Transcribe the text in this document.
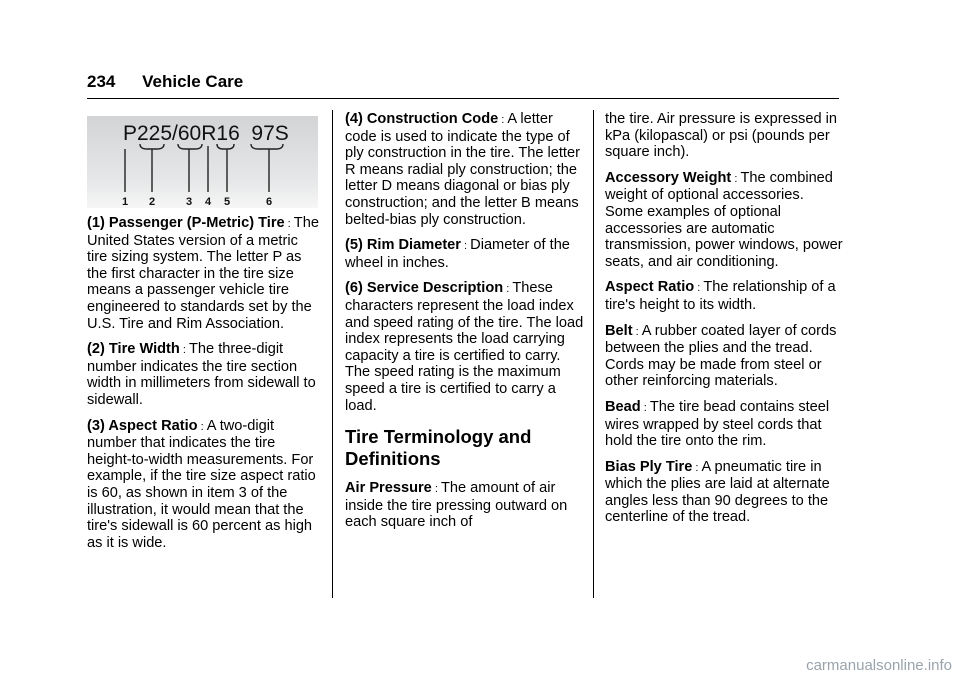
234 Vehicle Care
P225/60R16  97S
1 2	3 4 5	6

(1) Passenger (P-Metric) Tire : The United States version of a metric tire sizing system. The letter P as the first character in the tire size means a passenger vehicle tire engineered to standards set by the U.S. Tire and Rim Association.

(2) Tire Width : The three-digit number indicates the tire section width in millimeters from sidewall to sidewall.

(3) Aspect Ratio : A two-digit number that indicates the tire height-to-width measurements. For example, if the tire size aspect ratio is 60, as shown in item 3 of the illustration, it would mean that the tire's sidewall is 60 percent as high as it is wide.

(4) Construction Code : A letter code is used to indicate the type of ply construction in the tire. The letter R means radial ply construction; the letter D means diagonal or bias ply construction; and the letter B means belted-bias ply construction.

(5) Rim Diameter : Diameter of the wheel in inches.

(6) Service Description : These characters represent the load index and speed rating of the tire. The load index represents the load carrying capacity a tire is certified to carry. The speed rating is the maximum speed a tire is certified to carry a load.

Tire Terminology and Definitions

Air Pressure : The amount of air inside the tire pressing outward on each square inch of

the tire. Air pressure is expressed in kPa (kilopascal) or psi (pounds per square inch).

Accessory Weight : The combined weight of optional accessories. Some examples of optional accessories are automatic transmission, power windows, power seats, and air conditioning.

Aspect Ratio : The relationship of a tire's height to its width.

Belt : A rubber coated layer of cords between the plies and the tread. Cords may be made from steel or other reinforcing materials.

Bead : The tire bead contains steel wires wrapped by steel cords that hold the tire onto the rim.

Bias Ply Tire : A pneumatic tire in which the plies are laid at alternate angles less than 90 degrees to the centerline of the tread.

carmanualsonline.info
